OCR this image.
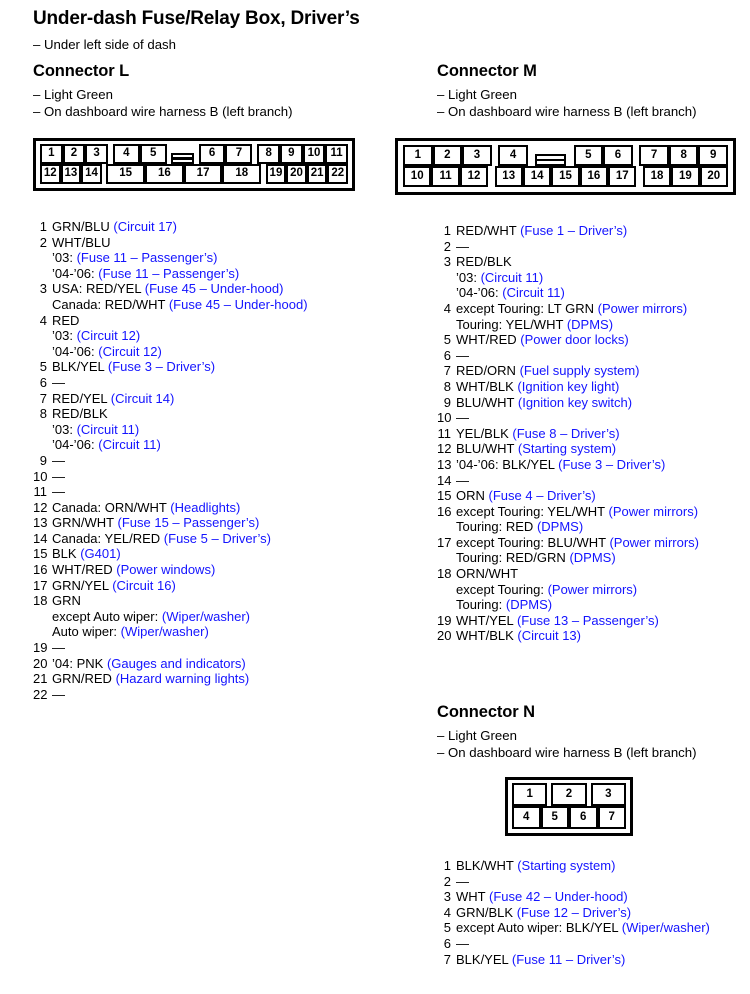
Under-dash Fuse/Relay Box, Driver’s
– Under left side of dash
Connector L
– Light Green
– On dashboard wire harness B (left branch)
1	2	3	4	5	6	7	8	9	10 11
12 13 14	15	16	17	18	19 20 21 22
1 GRN/BLU (Circuit 17)
2 WHT/BLU
’03: (Fuse 11 – Passenger’s)
’04-’06: (Fuse 11 – Passenger’s)
3 USA: RED/YEL (Fuse 45 – Under-hood)
Canada: RED/WHT (Fuse 45 – Under-hood)
4 RED
’03: (Circuit 12)
’04-’06: (Circuit 12)
5 BLK/YEL (Fuse 3 – Driver’s)
6 —
7 RED/YEL (Circuit 14)
8 RED/BLK
’03: (Circuit 11)
’04-’06: (Circuit 11)
9 —
10 —
11 —
12 Canada: ORN/WHT (Headlights)
13 GRN/WHT (Fuse 15 – Passenger’s)
14 Canada: YEL/RED (Fuse 5 – Driver’s)
15 BLK (G401)
16 WHT/RED (Power windows)
17 GRN/YEL (Circuit 16)
18 GRN
except Auto wiper: (Wiper/washer)
Auto wiper: (Wiper/washer)
19 —
20 ’04: PNK (Gauges and indicators)
21 GRN/RED (Hazard warning lights)
22 —
Connector M
– Light Green
– On dashboard wire harness B (left branch)
1	2	3	4	5	6	7	8	9
10	11	12	13	14	15	16	17	18	19	20
1 RED/WHT (Fuse 1 – Driver’s)
2 —
3 RED/BLK
’03: (Circuit 11)
’04-’06: (Circuit 11)
4 except Touring: LT GRN (Power mirrors)
Touring: YEL/WHT (DPMS)
5 WHT/RED (Power door locks)
6 —
7 RED/ORN (Fuel supply system)
8 WHT/BLK (Ignition key light)
9 BLU/WHT (Ignition key switch)
10 —
11 YEL/BLK (Fuse 8 – Driver’s)
12 BLU/WHT (Starting system)
13 ’04-’06: BLK/YEL (Fuse 3 – Driver’s)
14 —
15 ORN (Fuse 4 – Driver’s)
16 except Touring: YEL/WHT (Power mirrors)
Touring: RED (DPMS)
17 except Touring: BLU/WHT (Power mirrors)
Touring: RED/GRN (DPMS)
18 ORN/WHT
except Touring: (Power mirrors)
Touring: (DPMS)
19 WHT/YEL (Fuse 13 – Passenger’s)
20 WHT/BLK (Circuit 13)
Connector N
– Light Green
– On dashboard wire harness B (left branch)
1	2	3
4	5	6	7
1 BLK/WHT (Starting system)
2 —
3 WHT (Fuse 42 – Under-hood)
4 GRN/BLK (Fuse 12 – Driver’s)
5 except Auto wiper: BLK/YEL (Wiper/washer)
6 —
7 BLK/YEL (Fuse 11 – Driver’s)
